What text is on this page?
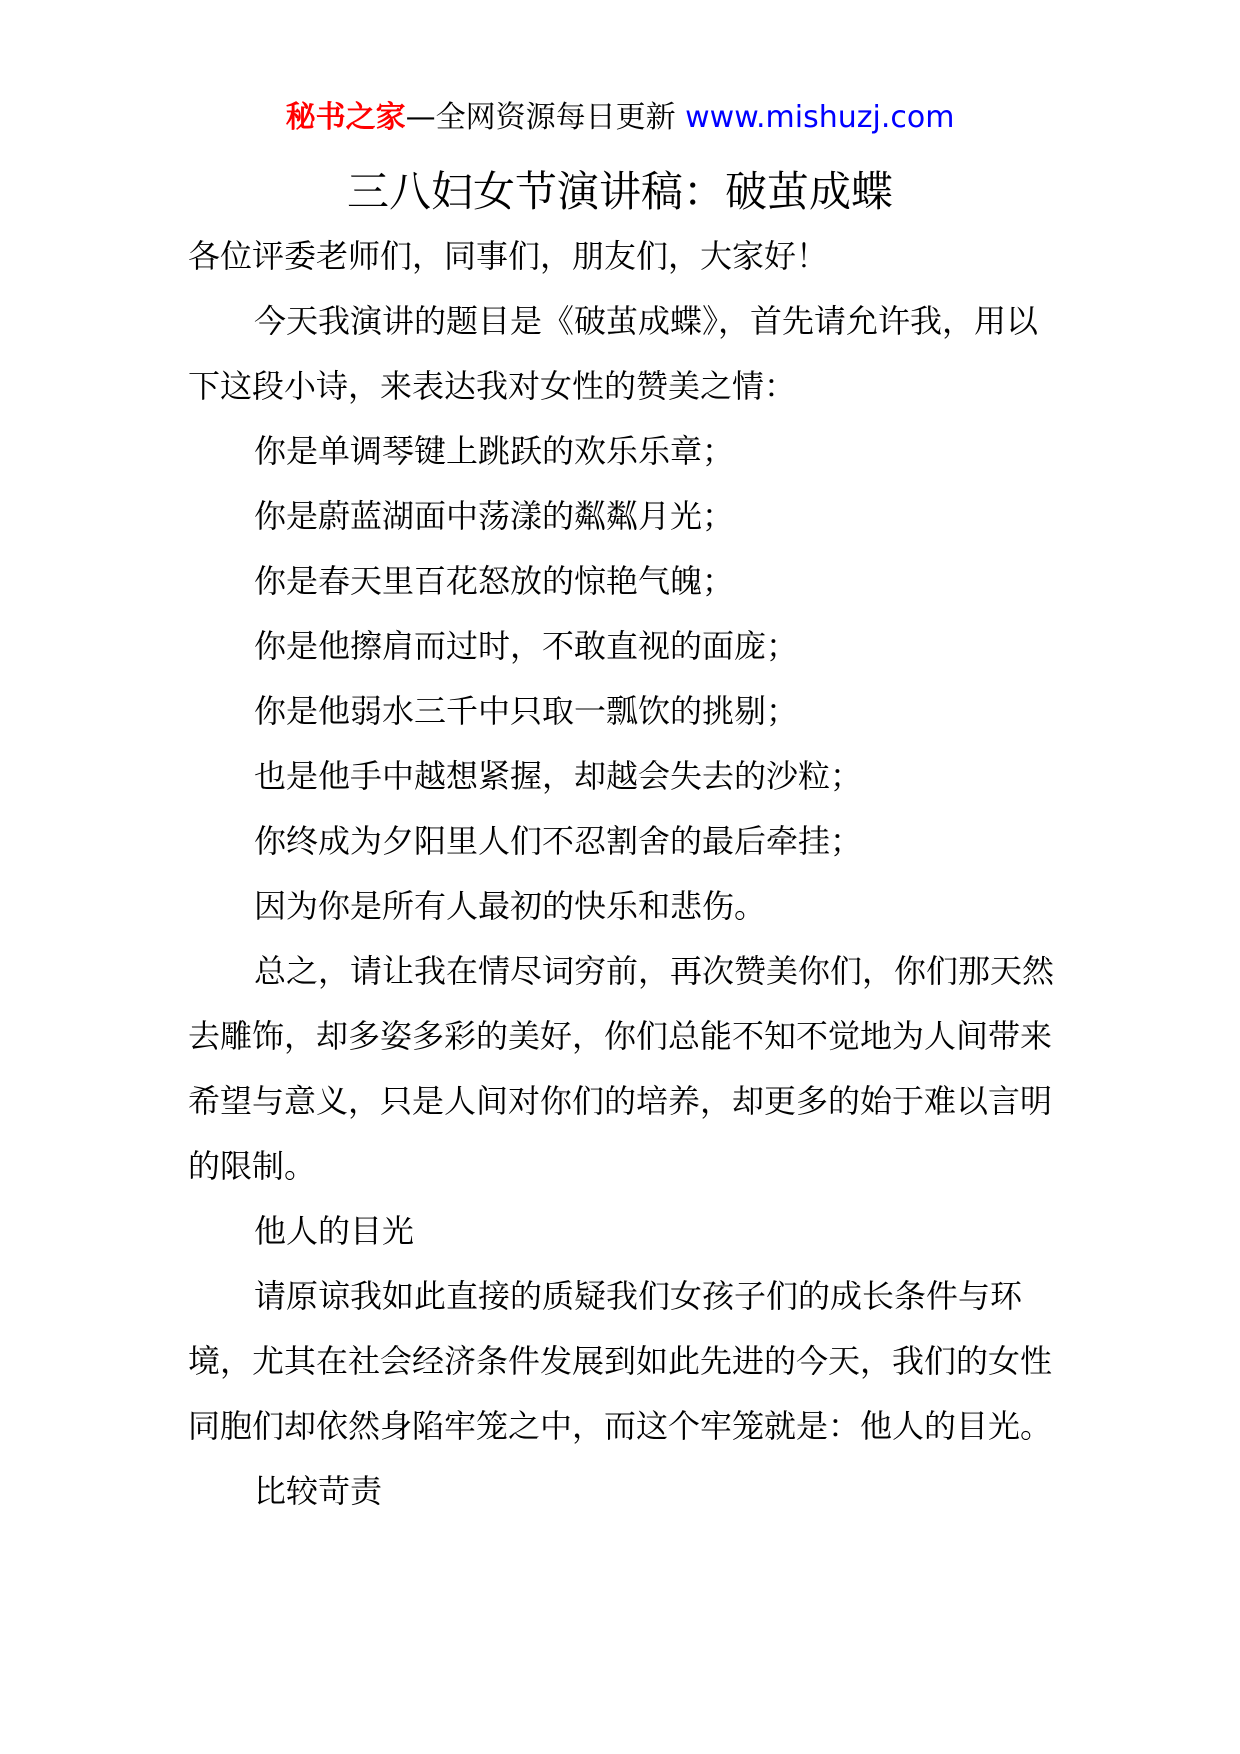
秘书之家—全网资源每日更新 www.mishuzj.com
三八妇女节演讲稿：破茧成蝶

各位评委老师们，同事们，朋友们，大家好！

今天我演讲的题目是《破茧成蝶》，首先请允许我，用以下这段小诗，来表达我对女性的赞美之情：

你是单调琴键上跳跃的欢乐乐章；

你是蔚蓝湖面中荡漾的粼粼月光；

你是春天里百花怒放的惊艳气魄；

你是他擦肩而过时，不敢直视的面庞；

你是他弱水三千中只取一瓢饮的挑剔；

也是他手中越想紧握，却越会失去的沙粒；

你终成为夕阳里人们不忍割舍的最后牵挂；

因为你是所有人最初的快乐和悲伤。

总之，请让我在情尽词穷前，再次赞美你们，你们那天然去雕饰，却多姿多彩的美好，你们总能不知不觉地为人间带来希望与意义，只是人间对你们的培养，却更多的始于难以言明的限制。

他人的目光

请原谅我如此直接的质疑我们女孩子们的成长条件与环境，尤其在社会经济条件发展到如此先进的今天，我们的女性同胞们却依然身陷牢笼之中，而这个牢笼就是：他人的目光。

比较苛责
